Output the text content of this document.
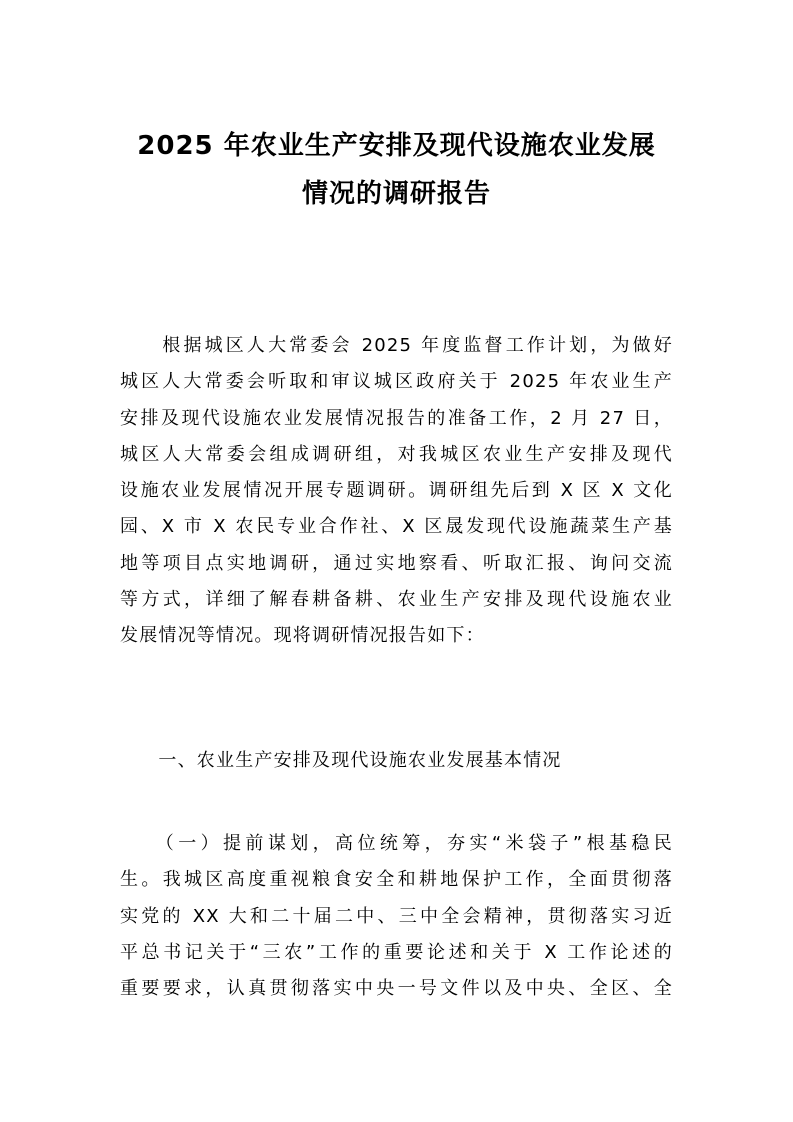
2025 年农业生产安排及现代设施农业发展
情况的调研报告
　　根据城区人大常委会 2025 年度监督工作计划，为做好
城区人大常委会听取和审议城区政府关于 2025 年农业生产
安排及现代设施农业发展情况报告的准备工作，2 月 27 日，
城区人大常委会组成调研组，对我城区农业生产安排及现代
设施农业发展情况开展专题调研。调研组先后到 X 区 X 文化
园、X 市 X 农民专业合作社、X 区晟发现代设施蔬菜生产基
地等项目点实地调研，通过实地察看、听取汇报、询问交流
等方式，详细了解春耕备耕、农业生产安排及现代设施农业
发展情况等情况。现将调研情况报告如下：
　　一、农业生产安排及现代设施农业发展基本情况
　　（一）提前谋划，高位统筹，夯实“米袋子”根基稳民
生。我城区高度重视粮食安全和耕地保护工作，全面贯彻落
实党的 XX 大和二十届二中、三中全会精神，贯彻落实习近
平总书记关于“三农”工作的重要论述和关于 X 工作论述的
重要要求，认真贯彻落实中央一号文件以及中央、全区、全
